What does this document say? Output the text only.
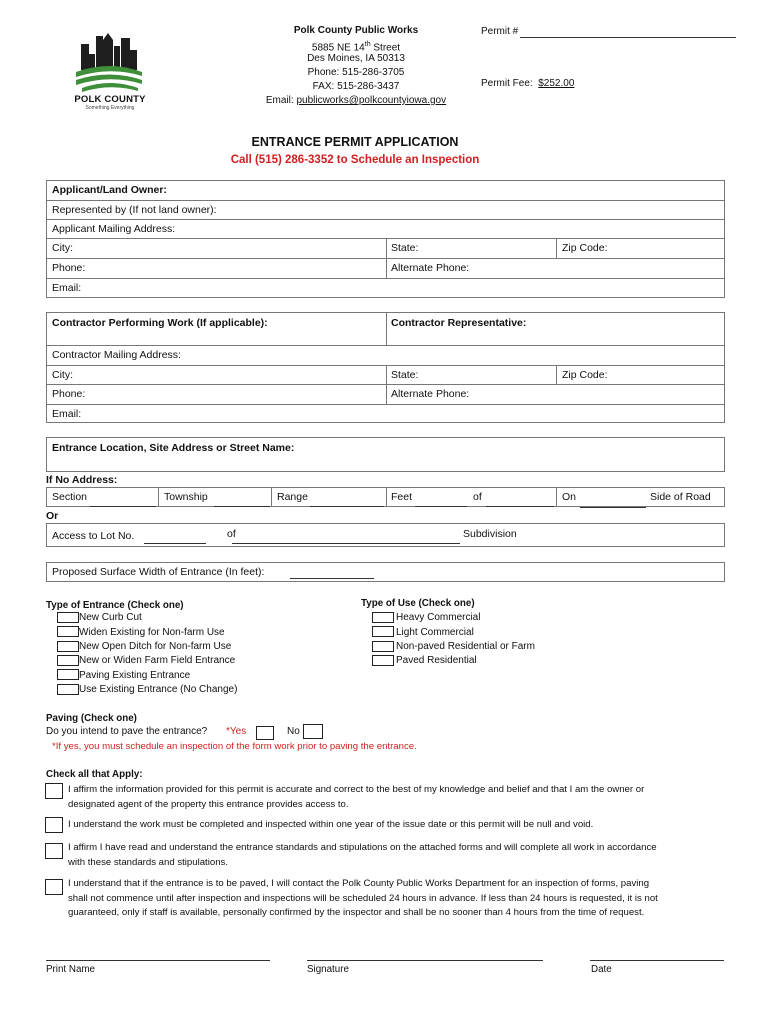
POLK COUNTY
Something Everything
Polk County Public Works
5885 NE 14th Street
Des Moines, IA 50313
Phone: 515-286-3705
FAX: 515-286-3437
Email: publicworks@polkcountyiowa.gov
Permit #
Permit Fee: $252.00
ENTRANCE PERMIT APPLICATION
Call (515) 286-3352 to Schedule an Inspection
Applicant/Land Owner:
Represented by (If not land owner):
Applicant Mailing Address:
City:	State:	Zip Code:
Phone:	Alternate Phone:
Email:
Contractor Performing Work (If applicable):	Contractor Representative:
Contractor Mailing Address:
City:	State:	Zip Code:
Phone:	Alternate Phone:
Email:
Entrance Location, Site Address or Street Name:
If No Address:
Section	Township	Range	Feet	of	On	Side of Road
Or
Access to Lot No.	of	Subdivision
Proposed Surface Width of Entrance (In feet):
Type of Entrance (Check one)
New Curb Cut
Widen Existing for Non-farm Use
New Open Ditch for Non-farm Use
New or Widen Farm Field Entrance
Paving Existing Entrance
Use Existing Entrance (No Change)
Type of Use (Check one)
Heavy Commercial
Light Commercial
Non-paved Residential or Farm
Paved Residential
Paving (Check one)
Do you intend to pave the entrance? *Yes	No
*If yes, you must schedule an inspection of the form work prior to paving the entrance.
Check all that Apply:
I affirm the information provided for this permit is accurate and correct to the best of my knowledge and belief and that I am the owner or
designated agent of the property this entrance provides access to.
I understand the work must be completed and inspected within one year of the issue date or this permit will be null and void.
I affirm I have read and understand the entrance standards and stipulations on the attached forms and will complete all work in accordance
with these standards and stipulations.
I understand that if the entrance is to be paved, I will contact the Polk County Public Works Department for an inspection of forms, paving
shall not commence until after inspection and inspections will be scheduled 24 hours in advance. If less than 24 hours is requested, it is not
guaranteed, only if staff is available, personally confirmed by the inspector and shall be no sooner than 4 hours from the time of request.
Print Name	Signature	Date
